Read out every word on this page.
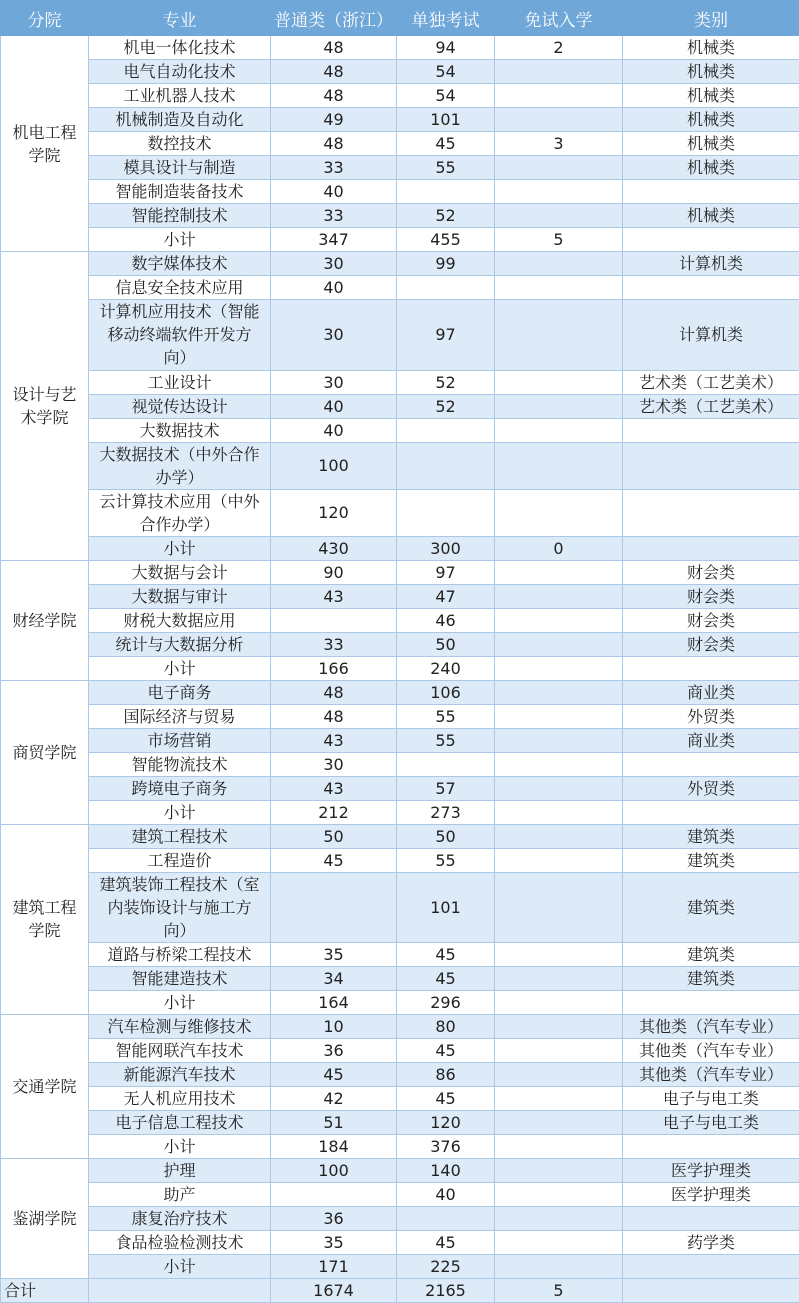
分院	专业	普通类（浙江）	单独考试	免试入学	类别
机电工程学院	机电一体化技术	48	94	2	机械类
	电气自动化技术	48	54		机械类
	工业机器人技术	48	54		机械类
	机械制造及自动化	49	101		机械类
	数控技术	48	45	3	机械类
	模具设计与制造	33	55		机械类
	智能制造装备技术	40			
	智能控制技术	33	52		机械类
	小计	347	455	5	
设计与艺术学院	数字媒体技术	30	99		计算机类
	信息安全技术应用	40			
	计算机应用技术（智能移动终端软件开发方向）	30	97		计算机类
	工业设计	30	52		艺术类（工艺美术）
	视觉传达设计	40	52		艺术类（工艺美术）
	大数据技术	40			
	大数据技术（中外合作办学）	100			
	云计算技术应用（中外合作办学）	120			
	小计	430	300	0	
财经学院	大数据与会计	90	97		财会类
	大数据与审计	43	47		财会类
	财税大数据应用		46		财会类
	统计与大数据分析	33	50		财会类
	小计	166	240		
商贸学院	电子商务	48	106		商业类
	国际经济与贸易	48	55		外贸类
	市场营销	43	55		商业类
	智能物流技术	30			
	跨境电子商务	43	57		外贸类
	小计	212	273		
建筑工程学院	建筑工程技术	50	50		建筑类
	工程造价	45	55		建筑类
	建筑装饰工程技术（室内装饰设计与施工方向）		101		建筑类
	道路与桥梁工程技术	35	45		建筑类
	智能建造技术	34	45		建筑类
	小计	164	296		
交通学院	汽车检测与维修技术	10	80		其他类（汽车专业）
	智能网联汽车技术	36	45		其他类（汽车专业）
	新能源汽车技术	45	86		其他类（汽车专业）
	无人机应用技术	42	45		电子与电工类
	电子信息工程技术	51	120		电子与电工类
	小计	184	376		
鉴湖学院	护理	100	140		医学护理类
	助产		40		医学护理类
	康复治疗技术	36			
	食品检验检测技术	35	45		药学类
	小计	171	225		
合计		1674	2165	5	
